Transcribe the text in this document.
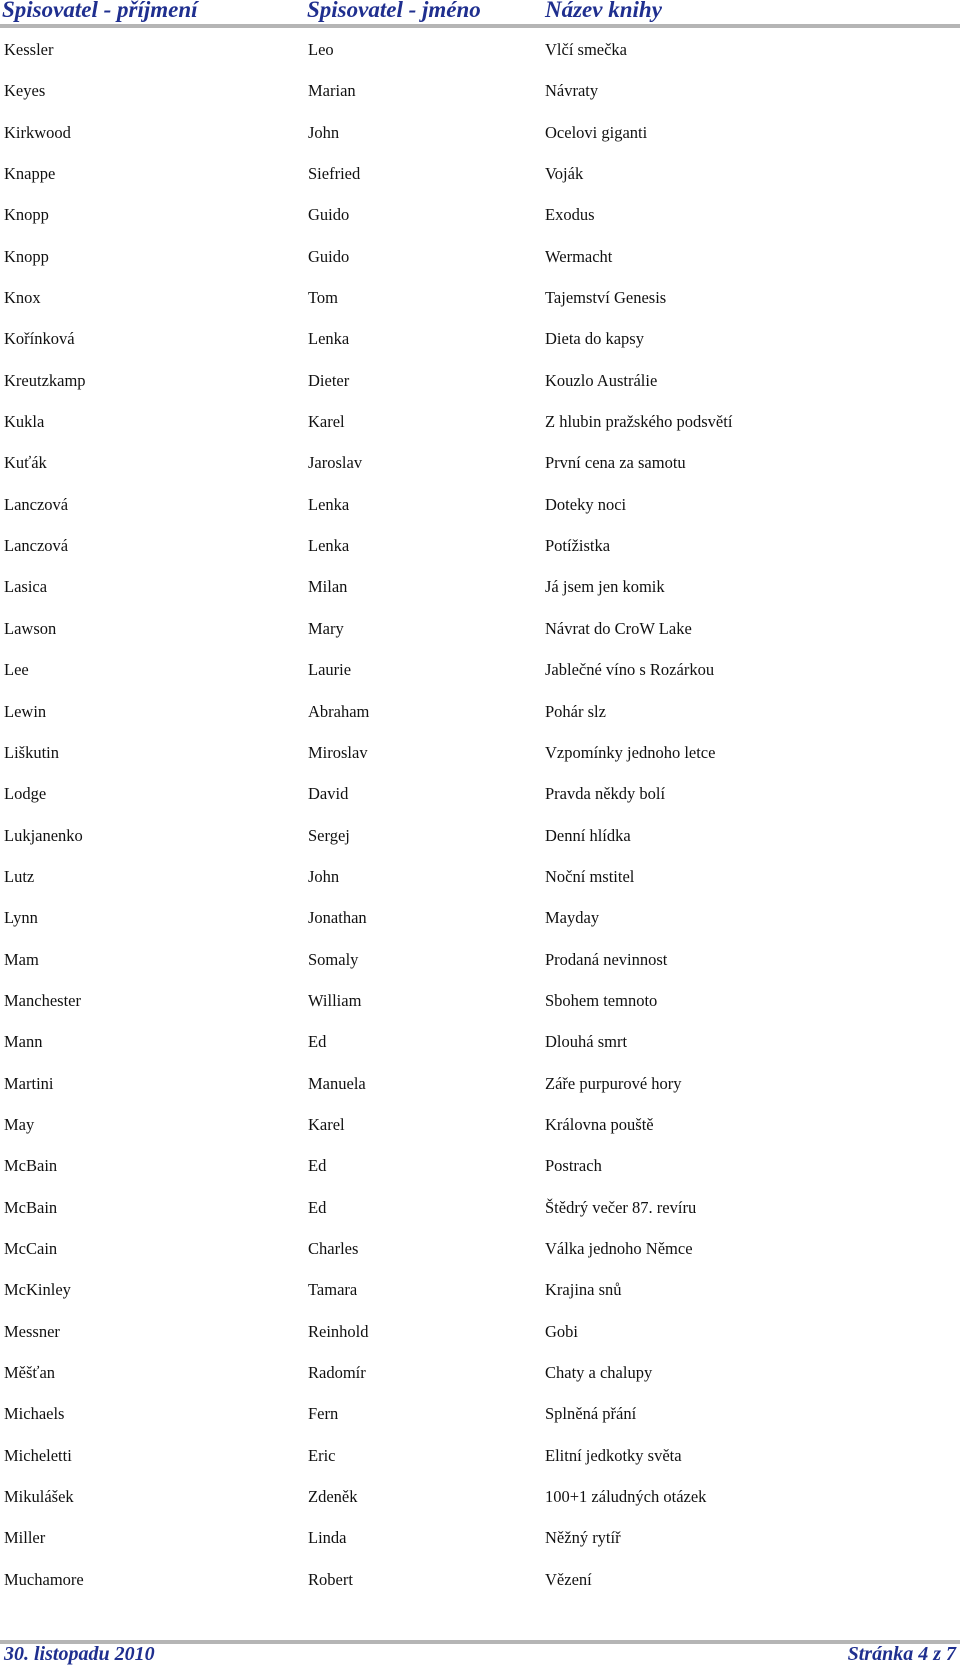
Spisovatel - příjmení	Spisovatel - jméno	Název knihy
Kessler	Leo	Vlčí smečka
Keyes	Marian	Návraty
Kirkwood	John	Ocelovi giganti
Knappe	Siefried	Voják
Knopp	Guido	Exodus
Knopp	Guido	Wermacht
Knox	Tom	Tajemství Genesis
Kořínková	Lenka	Dieta do kapsy
Kreutzkamp	Dieter	Kouzlo Austrálie
Kukla	Karel	Z hlubin pražského podsvětí
Kuťák	Jaroslav	První cena za samotu
Lanczová	Lenka	Doteky noci
Lanczová	Lenka	Potížistka
Lasica	Milan	Já jsem jen komik
Lawson	Mary	Návrat do CroW Lake
Lee	Laurie	Jablečné víno s Rozárkou
Lewin	Abraham	Pohár slz
Liškutin	Miroslav	Vzpomínky jednoho letce
Lodge	David	Pravda někdy bolí
Lukjanenko	Sergej	Denní hlídka
Lutz	John	Noční mstitel
Lynn	Jonathan	Mayday
Mam	Somaly	Prodaná nevinnost
Manchester	William	Sbohem temnoto
Mann	Ed	Dlouhá smrt
Martini	Manuela	Záře purpurové hory
May	Karel	Královna pouště
McBain	Ed	Postrach
McBain	Ed	Štědrý večer 87. revíru
McCain	Charles	Válka jednoho Němce
McKinley	Tamara	Krajina snů
Messner	Reinhold	Gobi
Měšťan	Radomír	Chaty a chalupy
Michaels	Fern	Splněná přání
Micheletti	Eric	Elitní jedkotky světa
Mikulášek	Zdeněk	100+1 záludných otázek
Miller	Linda	Něžný rytíř
Muchamore	Robert	Vězení
30. listopadu 2010	Stránka 4 z 7
